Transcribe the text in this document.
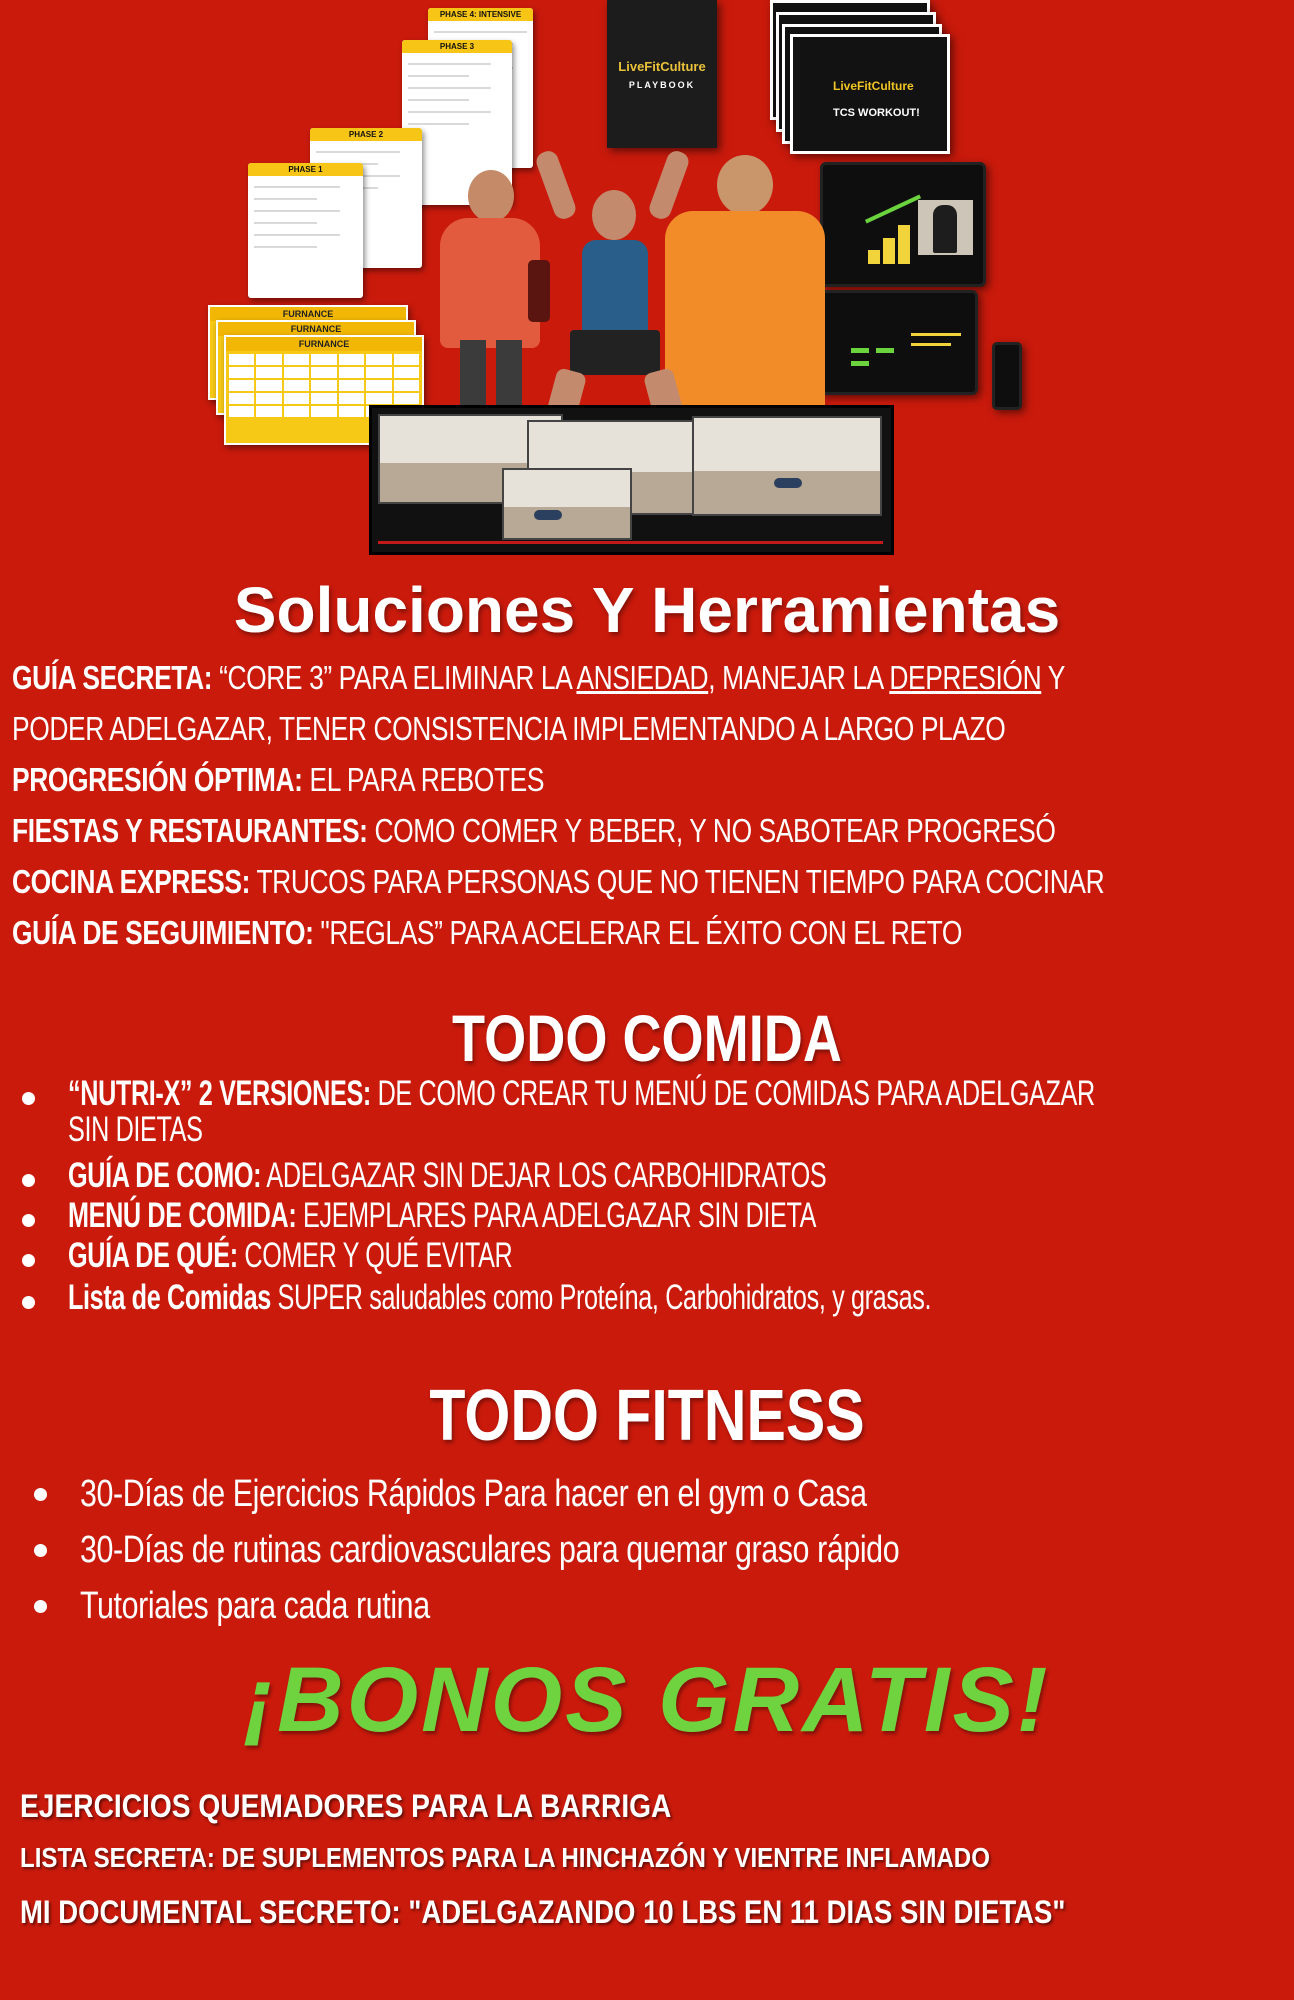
PHASE 4: INTENSIVE
PHASE 3
PHASE 2
PHASE 1
LiveFitCulture
PLAYBOOK	LiveFitCulture
TCS WORKOUT!
FURNANCE
FURNANCE
FURNANCE
Soluciones Y Herramientas
GUÍA SECRETA: “CORE 3” PARA ELIMINAR LA ANSIEDAD, MANEJAR LA DEPRESIÓN Y
PODER ADELGAZAR, TENER CONSISTENCIA IMPLEMENTANDO A LARGO PLAZO
PROGRESIÓN ÓPTIMA: EL PARA REBOTES
FIESTAS Y RESTAURANTES: COMO COMER Y BEBER, Y NO SABOTEAR PROGRESÓ
COCINA EXPRESS: TRUCOS PARA PERSONAS QUE NO TIENEN TIEMPO PARA COCINAR
GUÍA DE SEGUIMIENTO: "REGLAS” PARA ACELERAR EL ÉXITO CON EL RETO
TODO COMIDA
“NUTRI-X” 2 VERSIONES: DE COMO CREAR TU MENÚ DE COMIDAS PARA ADELGAZAR
SIN DIETAS
GUÍA DE COMO: ADELGAZAR SIN DEJAR LOS CARBOHIDRATOS
MENÚ DE COMIDA: EJEMPLARES PARA ADELGAZAR SIN DIETA
GUÍA DE QUÉ: COMER Y QUÉ EVITAR
Lista de Comidas SUPER saludables como Proteína, Carbohidratos, y grasas.
TODO FITNESS
30-Días de Ejercicios Rápidos Para hacer en el gym o Casa
30-Días de rutinas cardiovasculares para quemar graso rápido
Tutoriales para cada rutina
¡BONOS GRATIS!
EJERCICIOS QUEMADORES PARA LA BARRIGA
LISTA SECRETA: DE SUPLEMENTOS PARA LA HINCHAZÓN Y VIENTRE INFLAMADO
MI DOCUMENTAL SECRETO: "ADELGAZANDO 10 LBS EN 11 DIAS SIN DIETAS"
